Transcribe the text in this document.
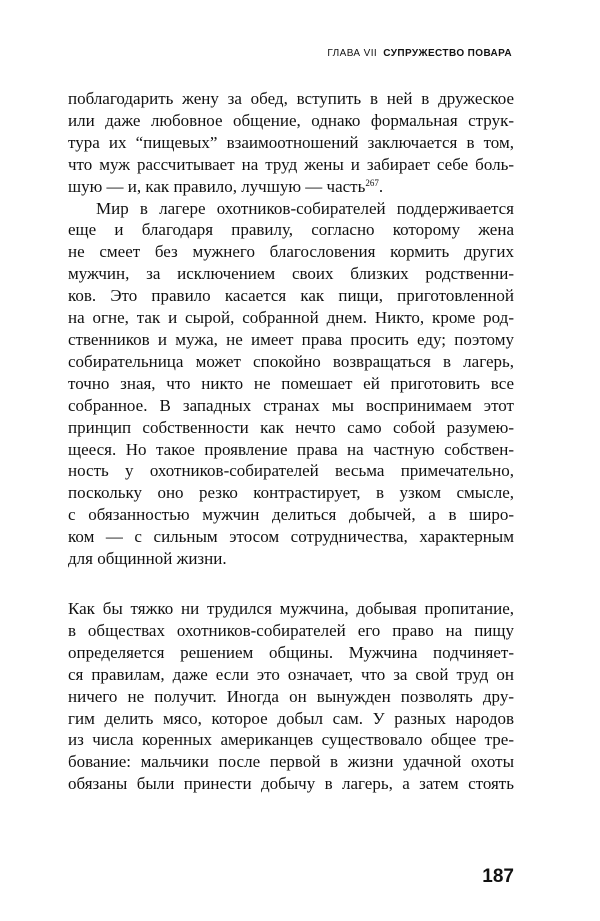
ГЛАВА VII СУПРУЖЕСТВО ПОВАРА

поблагодарить жену за обед, вступить в ней в дружеское
или даже любовное общение, однако формальная струк-
тура их “пищевых” взаимоотношений заключается в том,
что муж рассчитывает на труд жены и забирает себе боль-
шую — и, как правило, лучшую — часть$^{267}$.

Мир в лагере охотников-собирателей поддерживается
еще и благодаря правилу, согласно которому жена
не смеет без мужнего благословения кормить других
мужчин, за исключением своих близких родственни-
ков. Это правило касается как пищи, приготовленной
на огне, так и сырой, собранной днем. Никто, кроме род-
ственников и мужа, не имеет права просить еду; поэтому
собирательница может спокойно возвращаться в лагерь,
точно зная, что никто не помешает ей приготовить все
собранное. В западных странах мы воспринимаем этот
принцип собственности как нечто само собой разумею-
щееся. Но такое проявление права на частную собствен-
ность у охотников-собирателей весьма примечательно,
поскольку оно резко контрастирует, в узком смысле,
с обязанностью мужчин делиться добычей, а в широ-
ком — с сильным этосом сотрудничества, характерным
для общинной жизни.

Как бы тяжко ни трудился мужчина, добывая пропитание,
в обществах охотников-собирателей его право на пищу
определяется решением общины. Мужчина подчиняет-
ся правилам, даже если это означает, что за свой труд он
ничего не получит. Иногда он вынужден позволять дру-
гим делить мясо, которое добыл сам. У разных народов
из числа коренных американцев существовало общее тре-
бование: мальчики после первой в жизни удачной охоты
обязаны были принести добычу в лагерь, а затем стоять

187
